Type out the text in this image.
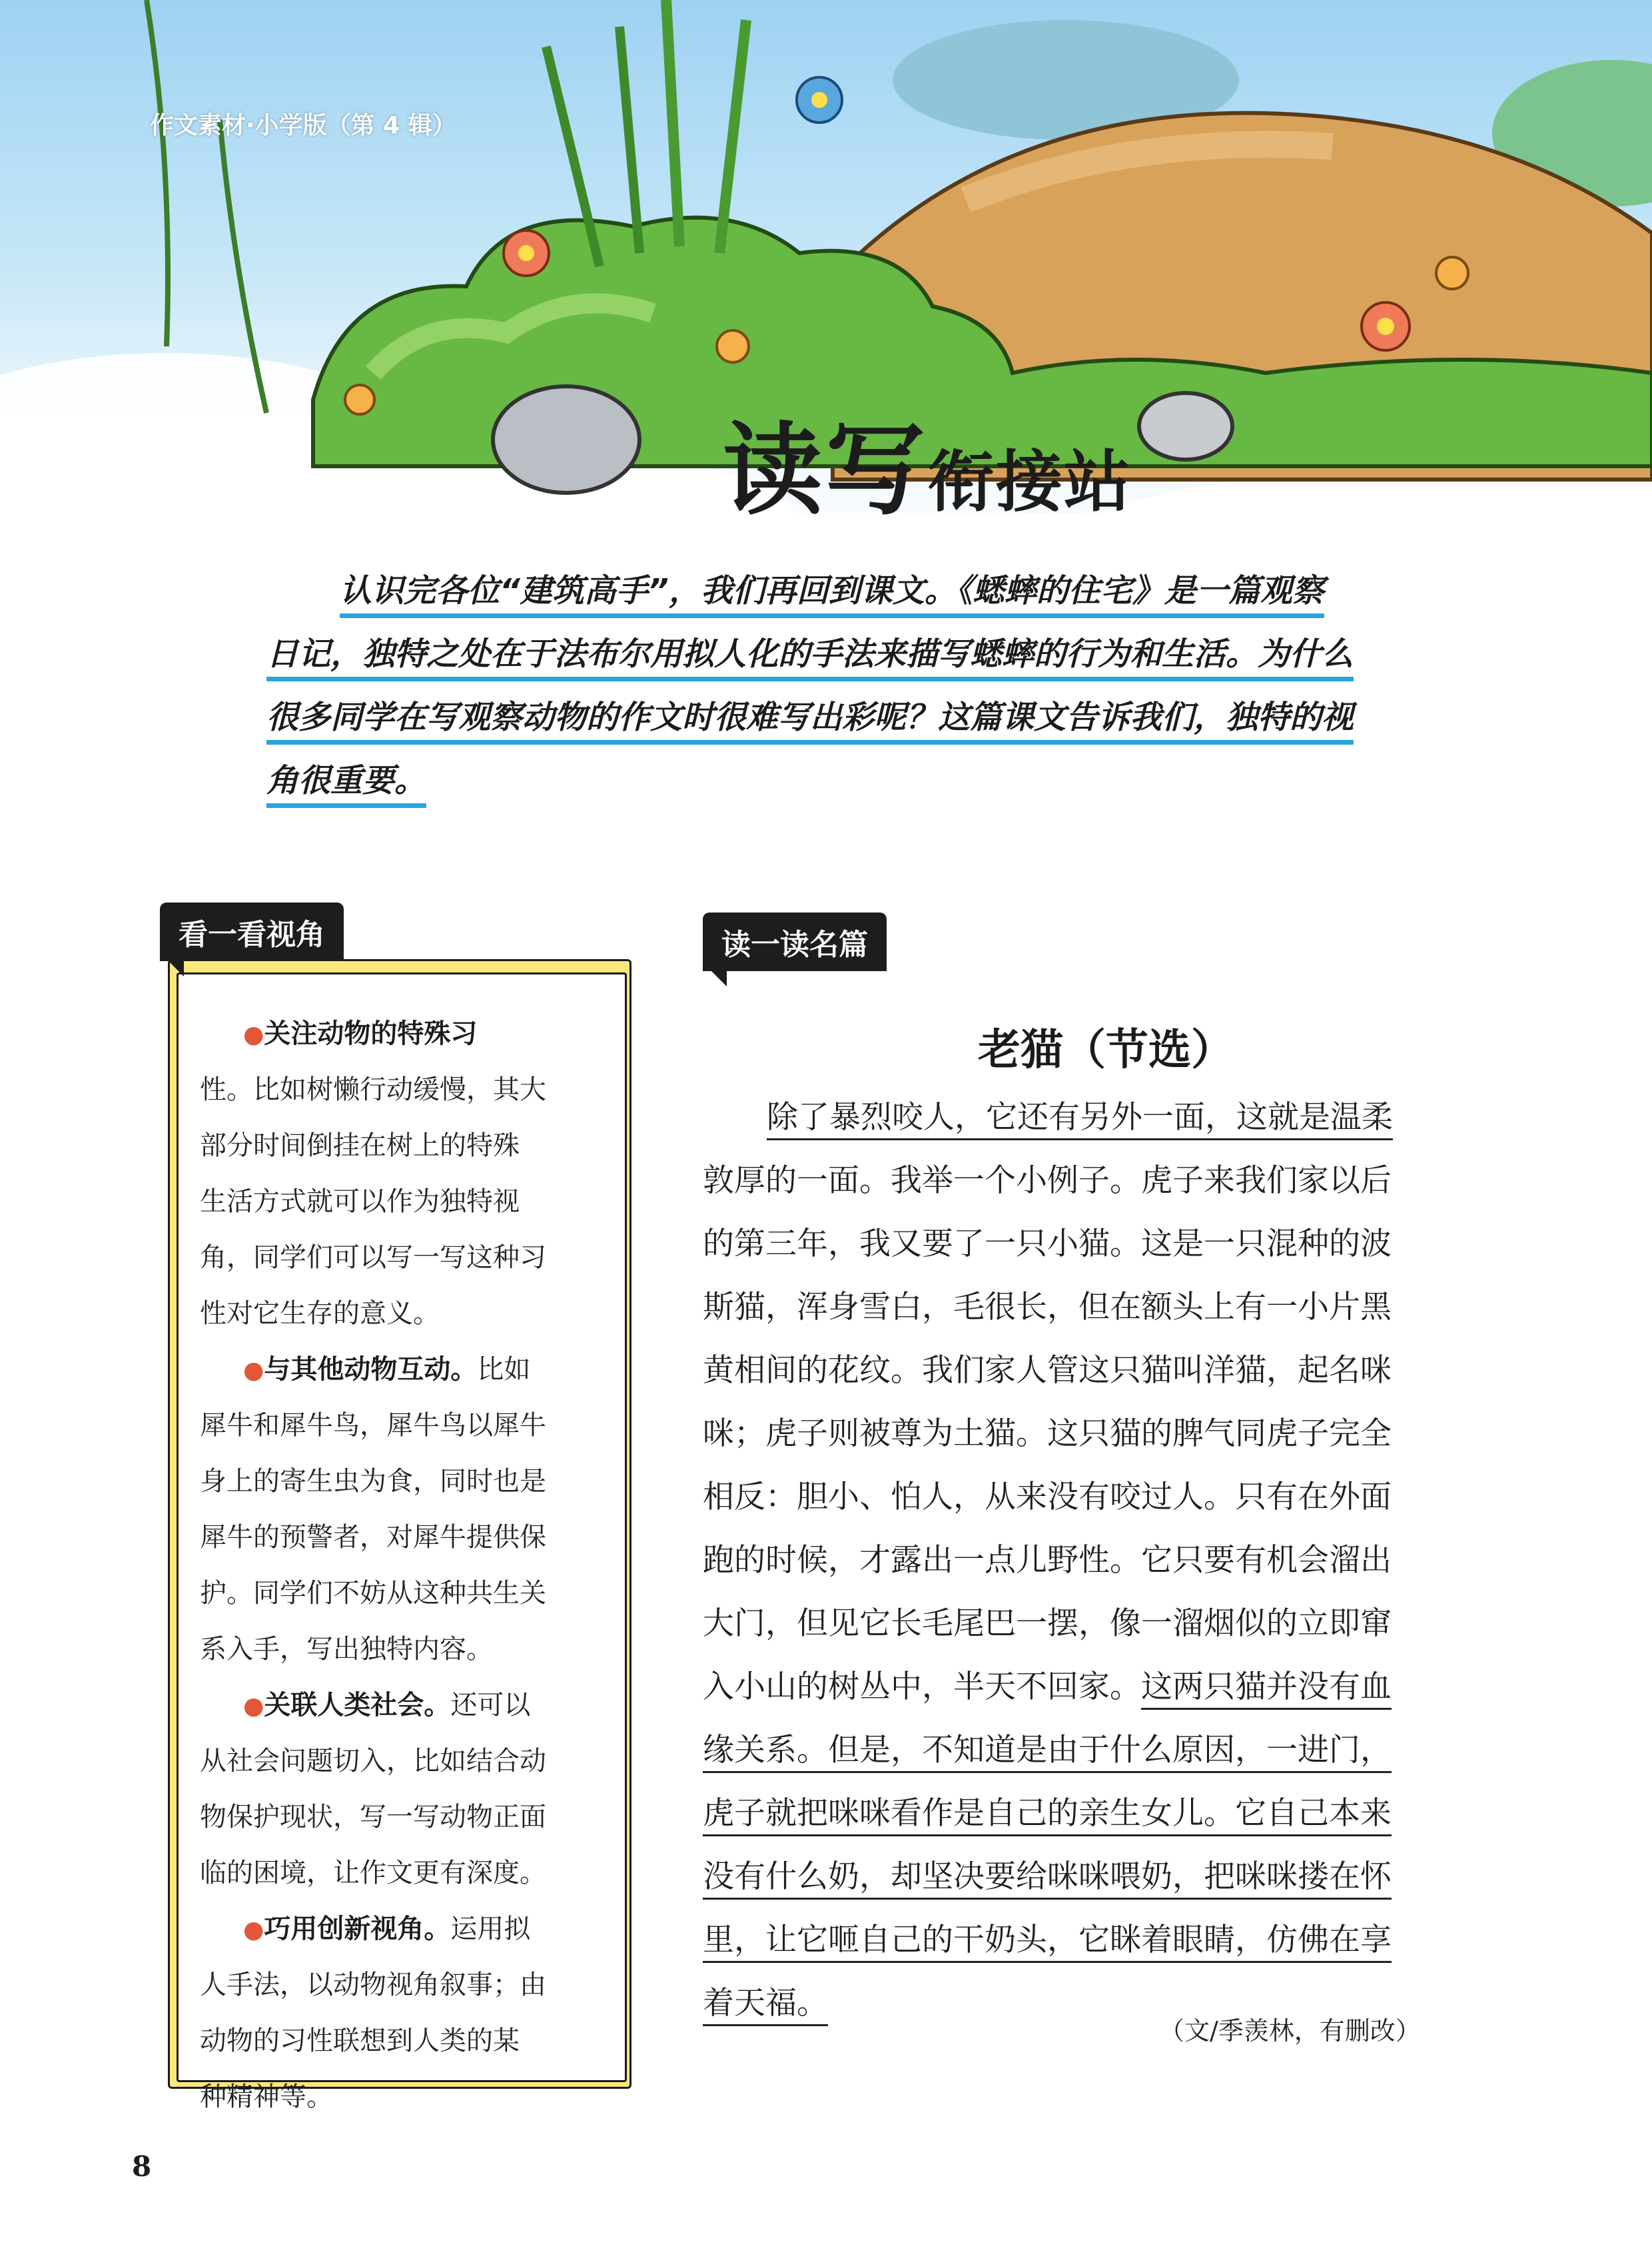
作文素材·小学版（第 4 辑）
读写衔接站
认识完各位“建筑高手”，我们再回到课文。《蟋蟀的住宅》是一篇观察
日记，独特之处在于法布尔用拟人化的手法来描写蟋蟀的行为和生活。为什么
很多同学在写观察动物的作文时很难写出彩呢？这篇课文告诉我们，独特的视
角很重要。
看一看视角
●关注动物的特殊习
性。比如树懒行动缓慢，其大
部分时间倒挂在树上的特殊
生活方式就可以作为独特视
角，同学们可以写一写这种习
性对它生存的意义。
●与其他动物互动。比如
犀牛和犀牛鸟，犀牛鸟以犀牛
身上的寄生虫为食，同时也是
犀牛的预警者，对犀牛提供保
护。同学们不妨从这种共生关
系入手，写出独特内容。
●关联人类社会。还可以
从社会问题切入，比如结合动
物保护现状，写一写动物正面
临的困境，让作文更有深度。
●巧用创新视角。运用拟
人手法，以动物视角叙事；由
动物的习性联想到人类的某
种精神等。
读一读名篇
老猫（节选）
除了暴烈咬人，它还有另外一面，这就是温柔
敦厚的一面。我举一个小例子。虎子来我们家以后
的第三年，我又要了一只小猫。这是一只混种的波
斯猫，浑身雪白，毛很长，但在额头上有一小片黑
黄相间的花纹。我们家人管这只猫叫洋猫，起名咪
咪；虎子则被尊为土猫。这只猫的脾气同虎子完全
相反：胆小、怕人，从来没有咬过人。只有在外面
跑的时候，才露出一点儿野性。它只要有机会溜出
大门，但见它长毛尾巴一摆，像一溜烟似的立即窜
入小山的树丛中，半天不回家。这两只猫并没有血
缘关系。但是，不知道是由于什么原因，一进门，
虎子就把咪咪看作是自己的亲生女儿。它自己本来
没有什么奶，却坚决要给咪咪喂奶，把咪咪搂在怀
里，让它咂自己的干奶头，它眯着眼睛，仿佛在享
着天福。
（文/季羡林，有删改）
8
